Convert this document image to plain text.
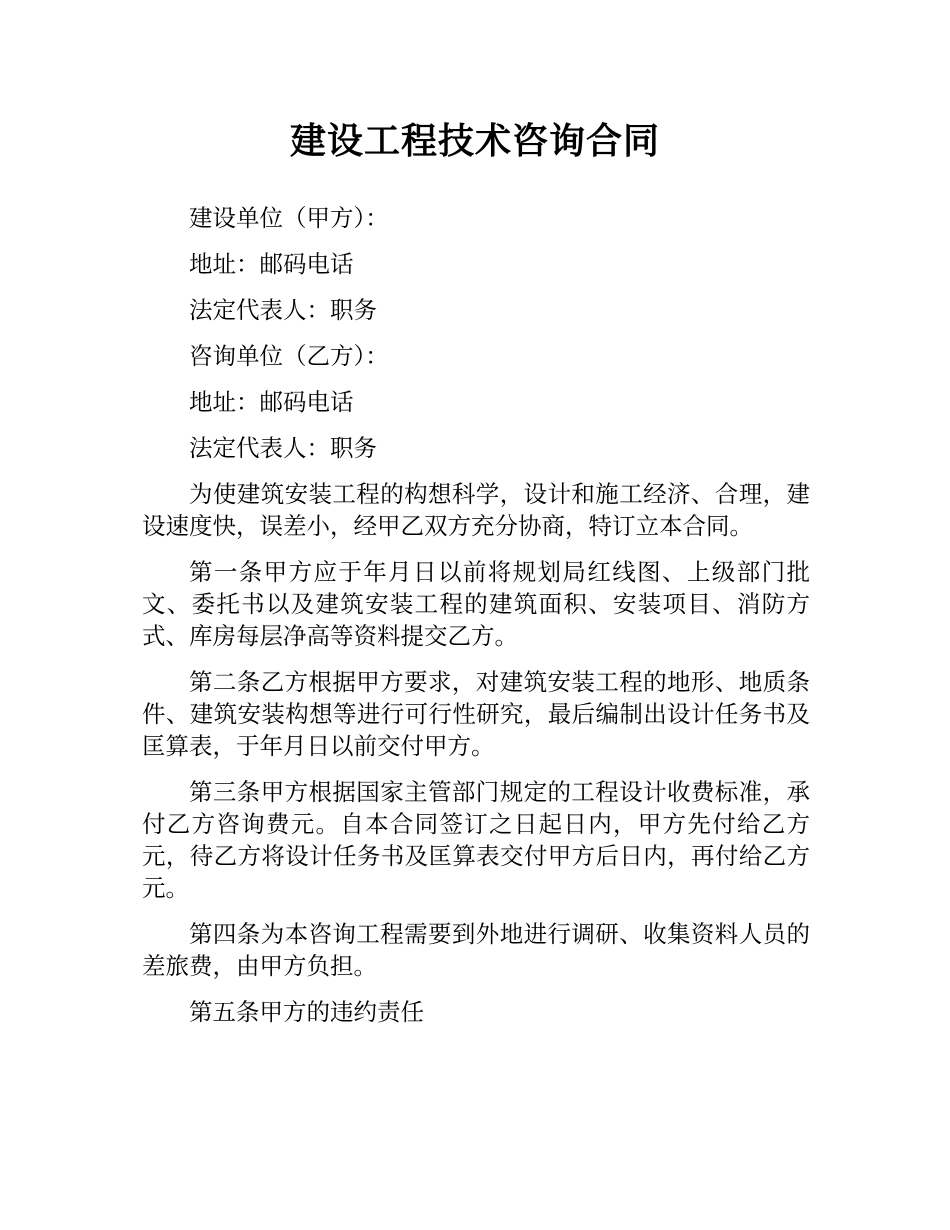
建设工程技术咨询合同

建设单位（甲方）：

地址：邮码电话

法定代表人：职务

咨询单位（乙方）：

地址：邮码电话

法定代表人：职务

为使建筑安装工程的构想科学，设计和施工经济、合理，建设速度快，误差小，经甲乙双方充分协商，特订立本合同。

第一条甲方应于年月日以前将规划局红线图、上级部门批文、委托书以及建筑安装工程的建筑面积、安装项目、消防方式、库房每层净高等资料提交乙方。

第二条乙方根据甲方要求，对建筑安装工程的地形、地质条件、建筑安装构想等进行可行性研究，最后编制出设计任务书及匡算表，于年月日以前交付甲方。

第三条甲方根据国家主管部门规定的工程设计收费标准，承付乙方咨询费元。自本合同签订之日起日内，甲方先付给乙方元，待乙方将设计任务书及匡算表交付甲方后日内，再付给乙方元。

第四条为本咨询工程需要到外地进行调研、收集资料人员的差旅费，由甲方负担。

第五条甲方的违约责任
